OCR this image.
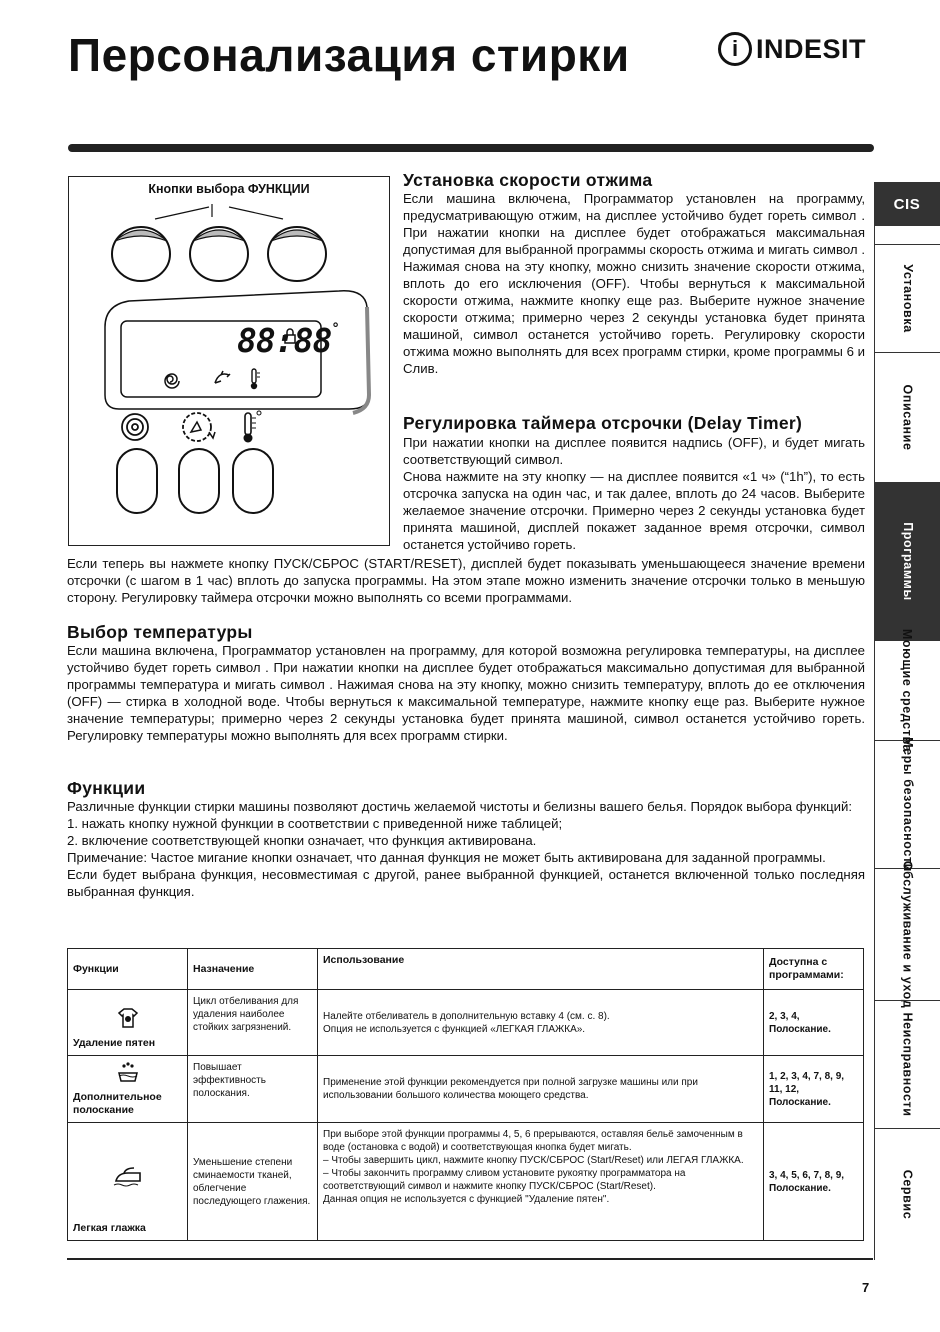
Персонализация стирки	i INDESIT
Кнопки выбора ФУНКЦИИ
88:88°
Установка скорости отжима

Если машина включена, Программатор установлен на программу, предусматривающую отжим, на дисплее устойчиво будет гореть символ . При нажатии кнопки на дисплее будет отображаться максимальная допустимая для выбранной программы скорость отжима и мигать символ . Нажимая снова на эту кнопку, можно снизить значение скорости отжима, вплоть до его исключения (OFF). Чтобы вернуться к максимальной скорости отжима, нажмите кнопку еще раз. Выберите нужное значение скорости отжима; примерно через 2 секунды установка будет принята машиной, символ останется устойчиво гореть. Регулировку скорости отжима можно выполнять для всех программ стирки, кроме программы 6 и Слив.

Регулировка таймера отсрочки (Delay Timer)

При нажатии кнопки на дисплее появится надпись (OFF), и будет мигать соответствующий символ.

Снова нажмите на эту кнопку — на дисплее появится «1 ч» (“1h”), то есть отсрочка запуска на один час, и так далее, вплоть до 24 часов. Выберите желаемое значение отсрочки. Примерно через 2 секунды установка будет принята машиной, дисплей покажет заданное время отсрочки, символ останется устойчиво гореть.

Если теперь вы нажмете кнопку ПУСК/СБРОС (START/RESET), дисплей будет показывать уменьшающееся значение времени отсрочки (с шагом в 1 час) вплоть до запуска программы. На этом этапе можно изменить значение отсрочки только в меньшую сторону. Регулировку таймера отсрочки можно выполнять со всеми программами.

Выбор температуры

Если машина включена, Программатор установлен на программу, для которой возможна регулировка температуры, на дисплее устойчиво будет гореть символ . При нажатии кнопки на дисплее будет отображаться максимально допустимая для выбранной программы температура и мигать символ . Нажимая снова на эту кнопку, можно снизить температуру, вплоть до ее отключения (OFF) — стирка в холодной воде. Чтобы вернуться к максимальной температуре, нажмите кнопку еще раз. Выберите нужное значение температуры; примерно через 2 секунды установка будет принята машиной, символ останется устойчиво гореть. Регулировку температуры можно выполнять для всех программ стирки.

Функции

Различные функции стирки машины позволяют достичь желаемой чистоты и белизны вашего белья. Порядок выбора функций:

1. нажать кнопку нужной функции в соответствии с приведенной ниже таблицей;

2. включение соответствующей кнопки означает, что функция активирована.

Примечание: Частое мигание кнопки означает, что данная функция не может быть активирована для заданной программы.

Если будет выбрана функция, несовместимая с другой, ранее выбранной функцией, останется включенной только последняя выбранная функция.

Функции	Назначение	Использование	Доступна с программами:

Удаление пятен	Цикл отбеливания для удаления наиболее стойких загрязнений.	Налейте отбеливатель в дополнительную вставку 4 (см. с. 8).
Опция не используется с функцией «ЛЕГКАЯ ГЛАЖКА».	2, 3, 4, Полоскание.

Дополнительное полоскание	Повышает эффективность полоскания.	Применение этой функции рекомендуется при полной загрузке машины или при использовании большого количества моющего средства.	1, 2, 3, 4, 7, 8, 9, 11, 12, Полоскание.

Легкая глажка	Уменьшение степени сминаемости тканей, облегчение последующего глажения.	При выборе этой функции программы 4, 5, 6 прерываются, оставляя бельё замоченным в воде (остановка с водой) и соответствующая кнопка будет мигать.
– Чтобы завершить цикл, нажмите кнопку ПУСК/СБРОС (Start/Reset) или ЛЕГАЯ ГЛАЖКА.
– Чтобы закончить программу сливом установите рукоятку программатора на соответствующий символ и нажмите кнопку ПУСК/СБРОС (Start/Reset).
Данная опция не используется с функцией "Удаление пятен".	3, 4, 5, 6, 7, 8, 9, Полоскание.
CIS
Установка
Описание
Программы
Моющие средства
Меры безопасности
Обслуживание и уход
Неисправности
Сервис
7
